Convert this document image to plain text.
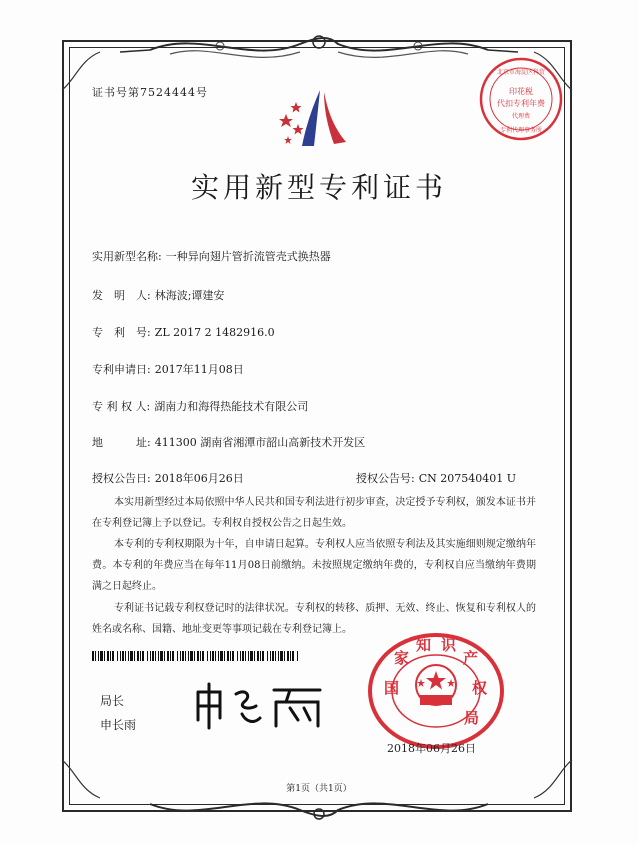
证书号第7524444号	印花税
代扣专利年费
代理费
北京市海淀区科贸
专利代理事务所
实用新型专利证书
实用新型名称: 一种异向翅片管折流管壳式换热器
发　明　人: 林海波;谭建安
专　利　号: ZL 2017 2 1482916.0
专利申请日: 2017年11月08日
专 利 权 人: 湖南力和海得热能技术有限公司
地　　　址: 411300 湖南省湘潭市韶山高新技术开发区
授权公告日: 2018年06月26日	授权公告号: CN 207540401 U
本实用新型经过本局依照中华人民共和国专利法进行初步审查，决定授予专利权，颁发本证书并在专利登记簿上予以登记。专利权自授权公告之日起生效。
本专利的专利权期限为十年，自申请日起算。专利权人应当依照专利法及其实施细则规定缴纳年费。本专利的年费应当在每年11月08日前缴纳。未按照规定缴纳年费的，专利权自应当缴纳年费期满之日起终止。
专利证书记载专利权登记时的法律状况。专利权的转移、质押、无效、终止、恢复和专利权人的姓名或名称、国籍、地址变更等事项记载在专利登记簿上。
局长
申长雨
国
家
知 识
产
权
局
2018年06月26日
第1页（共1页）
